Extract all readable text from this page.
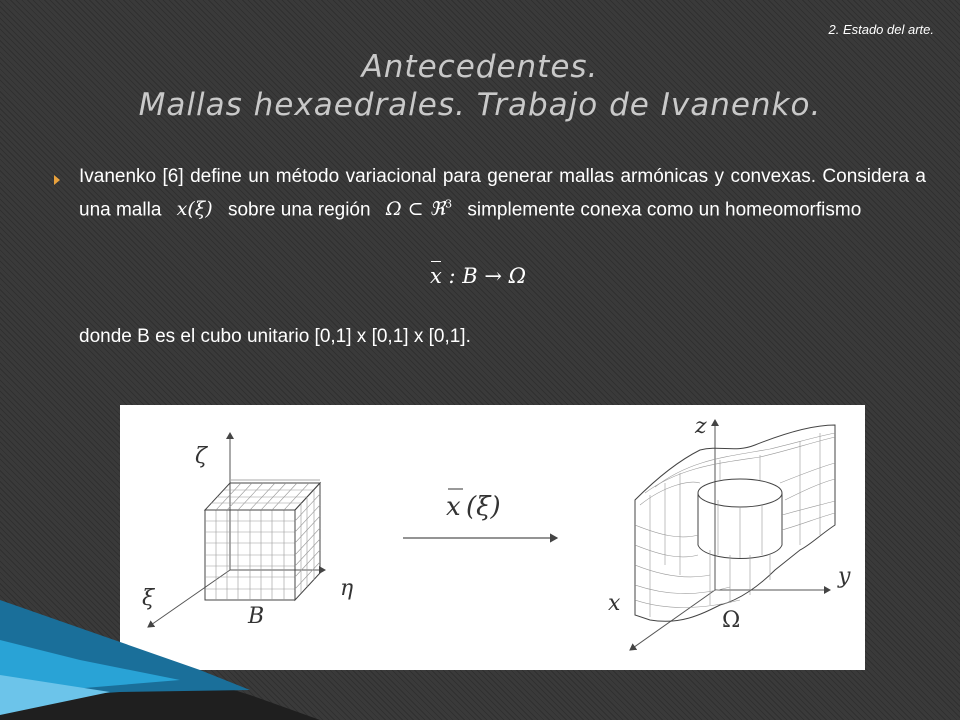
2. Estado del arte.
Antecedentes.
Mallas hexaedrales. Trabajo de Ivanenko.
Ivanenko [6] define un método variacional para generar mallas armónicas y convexas. Considera a una malla x(ξ) sobre una región Ω ⊂ ℜ$^3$ simplemente conexa como un homeomorfismo
x : B → Ω
donde B es el cubo unitario [0,1] x [0,1] x [0,1].
ζ
η
ξ
B
x (ξ)
z
y
x
Ω
